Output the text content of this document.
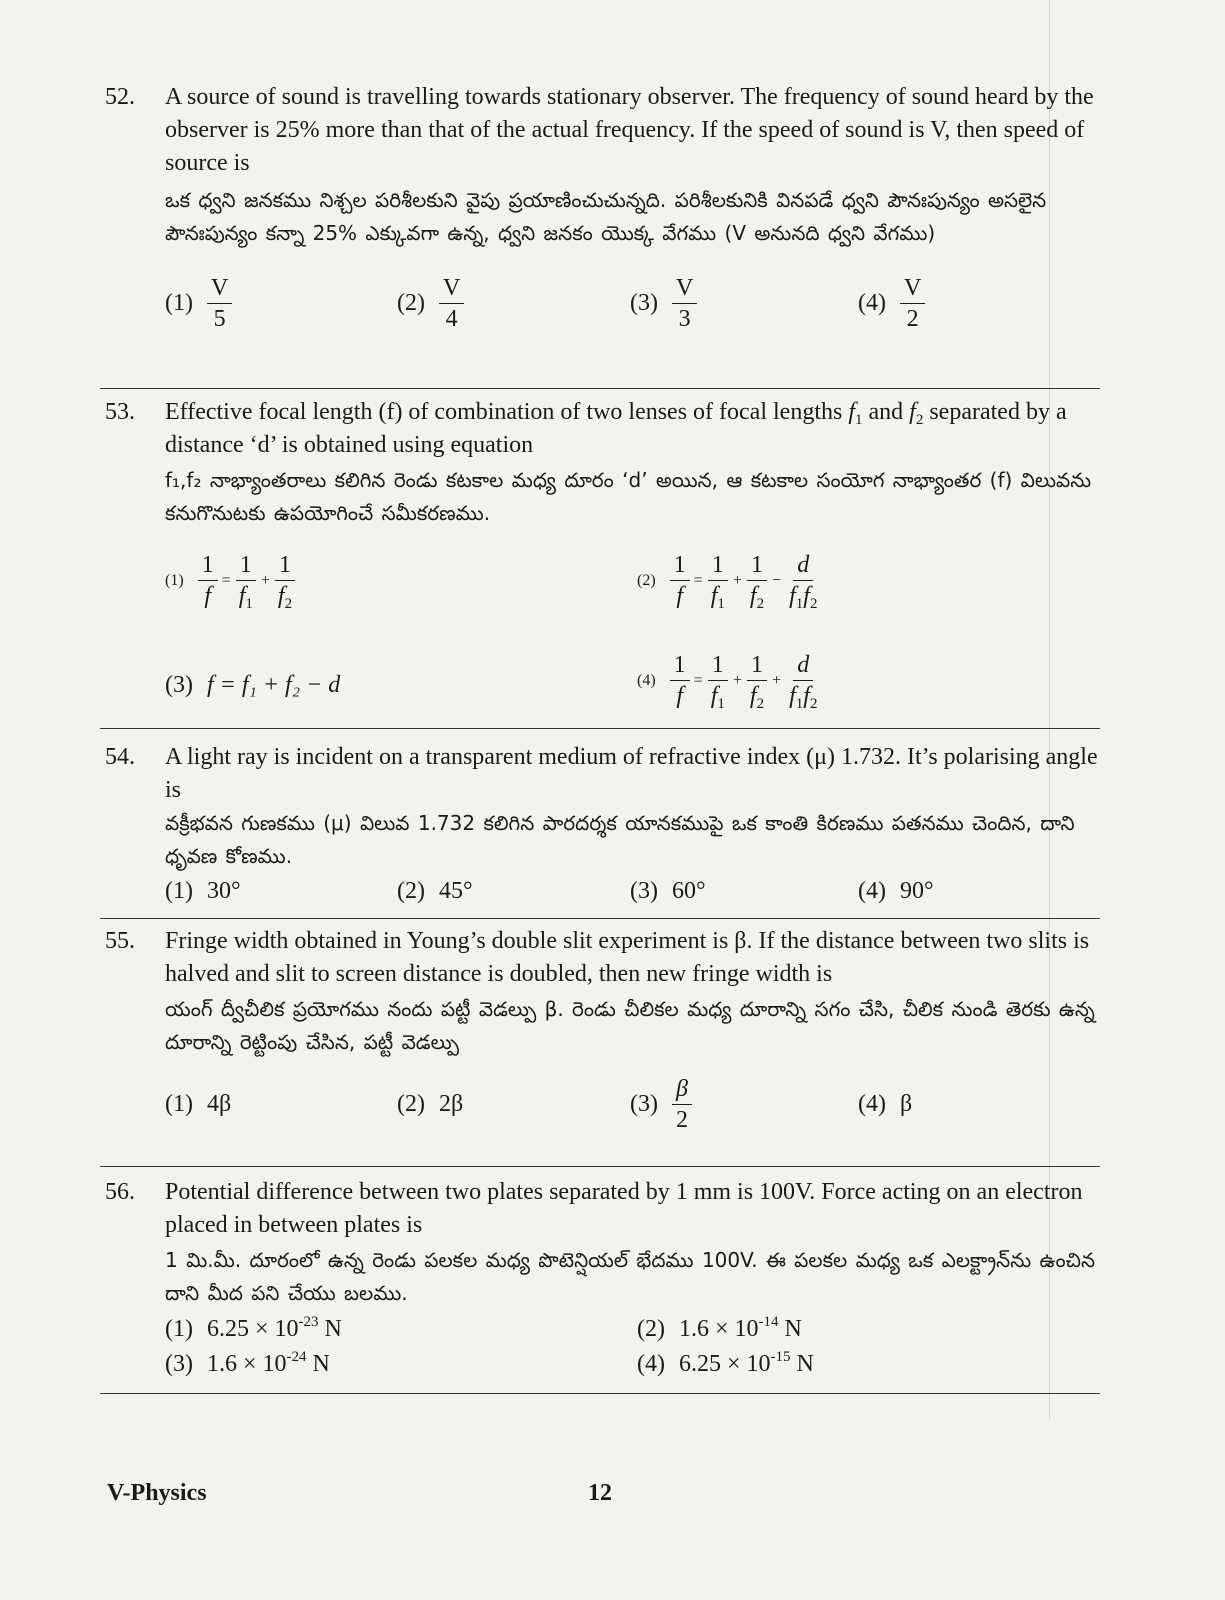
52.	A source of sound is travelling towards stationary observer. The frequency of sound heard by the observer is 25% more than that of the actual frequency. If the speed of sound is V, then speed of source is
ఒక ధ్వని జనకము నిశ్చల పరిశీలకుని వైపు ప్రయాణించుచున్నది. పరిశీలకునికి వినపడే ధ్వని పౌనఃపున్యం అసలైన పౌనఃపున్యం కన్నా 25% ఎక్కువగా ఉన్న, ధ్వని జనకం యొక్క వేగము (V అనునది ధ్వని వేగము)
$(1) \frac{V}{5}$	$(2) \frac{V}{4}$	$(3) \frac{V}{3}$	$(4) \frac{V}{2}$
53.	Effective focal length (f) of combination of two lenses of focal lengths $f_1$ and $f_2$ separated by a distance ‘d’ is obtained using equation
f₁,f₂ నాభ్యాంతరాలు కలిగిన రెండు కటకాల మధ్య దూరం ‘d’ అయిన, ఆ కటకాల సంయోగ నాభ్యాంతర (f) విలువను కనుగొనుటకు ఉపయోగించే సమీకరణము.
$(1) \frac{1}{f} = \frac{1}{f_1} + \frac{1}{f_2}$	$(2) \frac{1}{f} = \frac{1}{f_1} + \frac{1}{f_2} - \frac{d}{f_1f_2}$
(3) f = f₁ + f₂ − d	$(4) \frac{1}{f} = \frac{1}{f_1} + \frac{1}{f_2} + \frac{d}{f_1f_2}$
54.	A light ray is incident on a transparent medium of refractive index (μ) 1.732. It’s polarising angle is
వక్రీభవన గుణకము (μ) విలువ 1.732 కలిగిన పారదర్శక యానకముపై ఒక కాంతి కిరణము పతనము చెందిన, దాని ధృవణ కోణము.
(1) 30°	(2) 45°	(3) 60°	(4) 90°
55.	Fringe width obtained in Young’s double slit experiment is β. If the distance between two slits is halved and slit to screen distance is doubled, then new fringe width is
యంగ్ ద్వీచీలిక ప్రయోగము నందు పట్టీ వెడల్పు β. రెండు చీలికల మధ్య దూరాన్ని సగం చేసి, చీలిక నుండి తెరకు ఉన్న దూరాన్ని రెట్టింపు చేసిన, పట్టీ వెడల్పు
(1) 4β	(2) 2β	$(3) \frac{\beta}{2}$	(4) β
56.	Potential difference between two plates separated by 1 mm is 100V. Force acting on an electron placed in between plates is
1 మి.మీ. దూరంలో ఉన్న రెండు పలకల మధ్య పొటెన్షియల్ భేదము 100V. ఈ పలకల మధ్య ఒక ఎలక్ట్రాన్‌ను ఉంచిన దాని మీద పని చేయు బలము.
(1) $6.25 \times 10^{-23}$ N	(2) $1.6 \times 10^{-14}$ N
(3) $1.6 \times 10^{-24}$ N	(4) $6.25 \times 10^{-15}$ N
V-Physics	12
